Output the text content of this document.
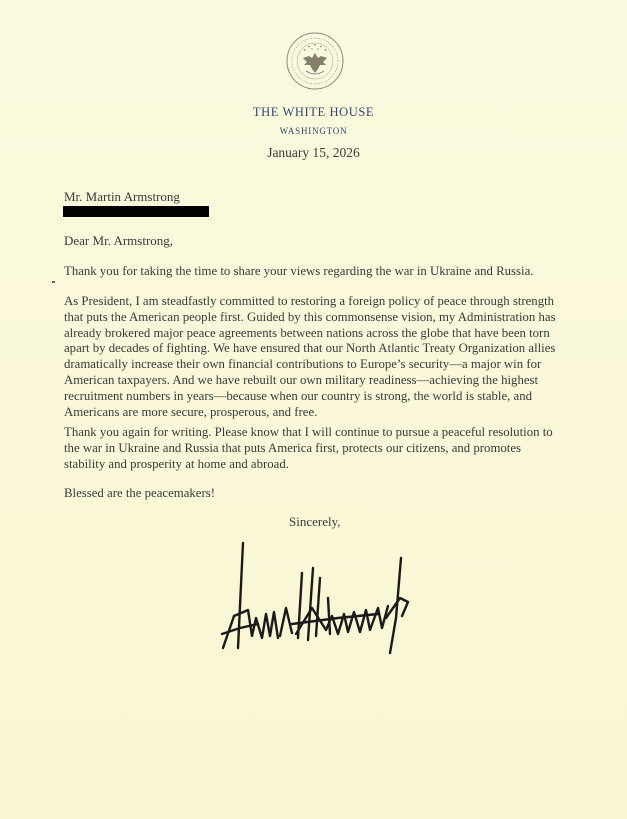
THE WHITE HOUSE
WASHINGTON
January 15, 2026
Mr. Martin Armstrong
Dear Mr. Armstrong,
Thank you for taking the time to share your views regarding the war in Ukraine and Russia.
As President, I am steadfastly committed to restoring a foreign policy of peace through strength that puts the American people first. Guided by this commonsense vision, my Administration has already brokered major peace agreements between nations across the globe that have been torn apart by decades of fighting. We have ensured that our North Atlantic Treaty Organization allies dramatically increase their own financial contributions to Europe’s security—a major win for American taxpayers. And we have rebuilt our own military readiness—achieving the highest recruitment numbers in years—because when our country is strong, the world is stable, and Americans are more secure, prosperous, and free.
Thank you again for writing. Please know that I will continue to pursue a peaceful resolution to the war in Ukraine and Russia that puts America first, protects our citizens, and promotes stability and prosperity at home and abroad.
Blessed are the peacemakers!
Sincerely,
